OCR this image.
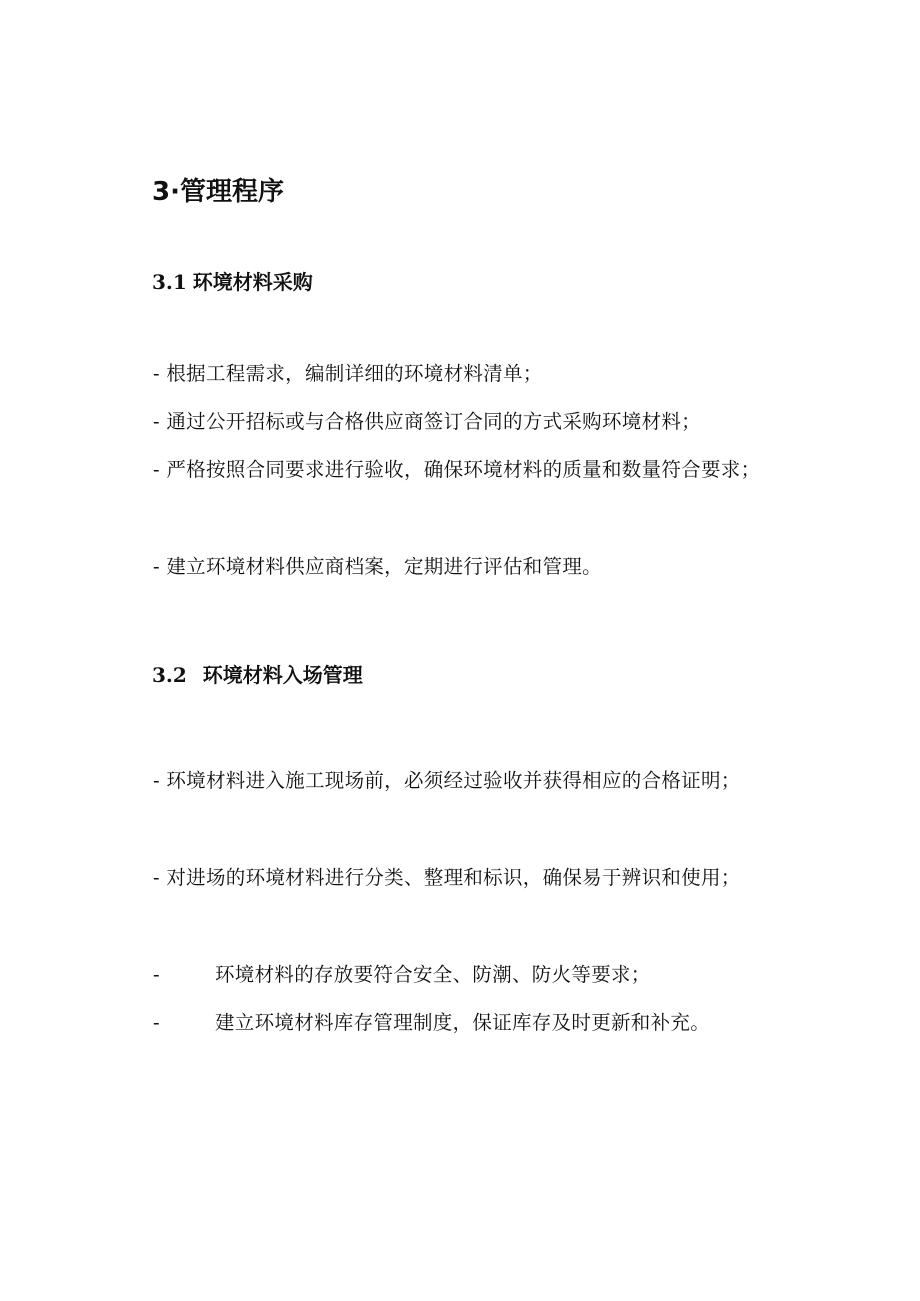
3·管理程序
3.1 环境材料采购
- 根据工程需求，编制详细的环境材料清单；
- 通过公开招标或与合格供应商签订合同的方式采购环境材料；
- 严格按照合同要求进行验收，确保环境材料的质量和数量符合要求；
- 建立环境材料供应商档案，定期进行评估和管理。
3.2 环境材料入场管理
- 环境材料进入施工现场前，必须经过验收并获得相应的合格证明；
- 对进场的环境材料进行分类、整理和标识，确保易于辨识和使用；
-	环境材料的存放要符合安全、防潮、防火等要求；
-	建立环境材料库存管理制度，保证库存及时更新和补充。
